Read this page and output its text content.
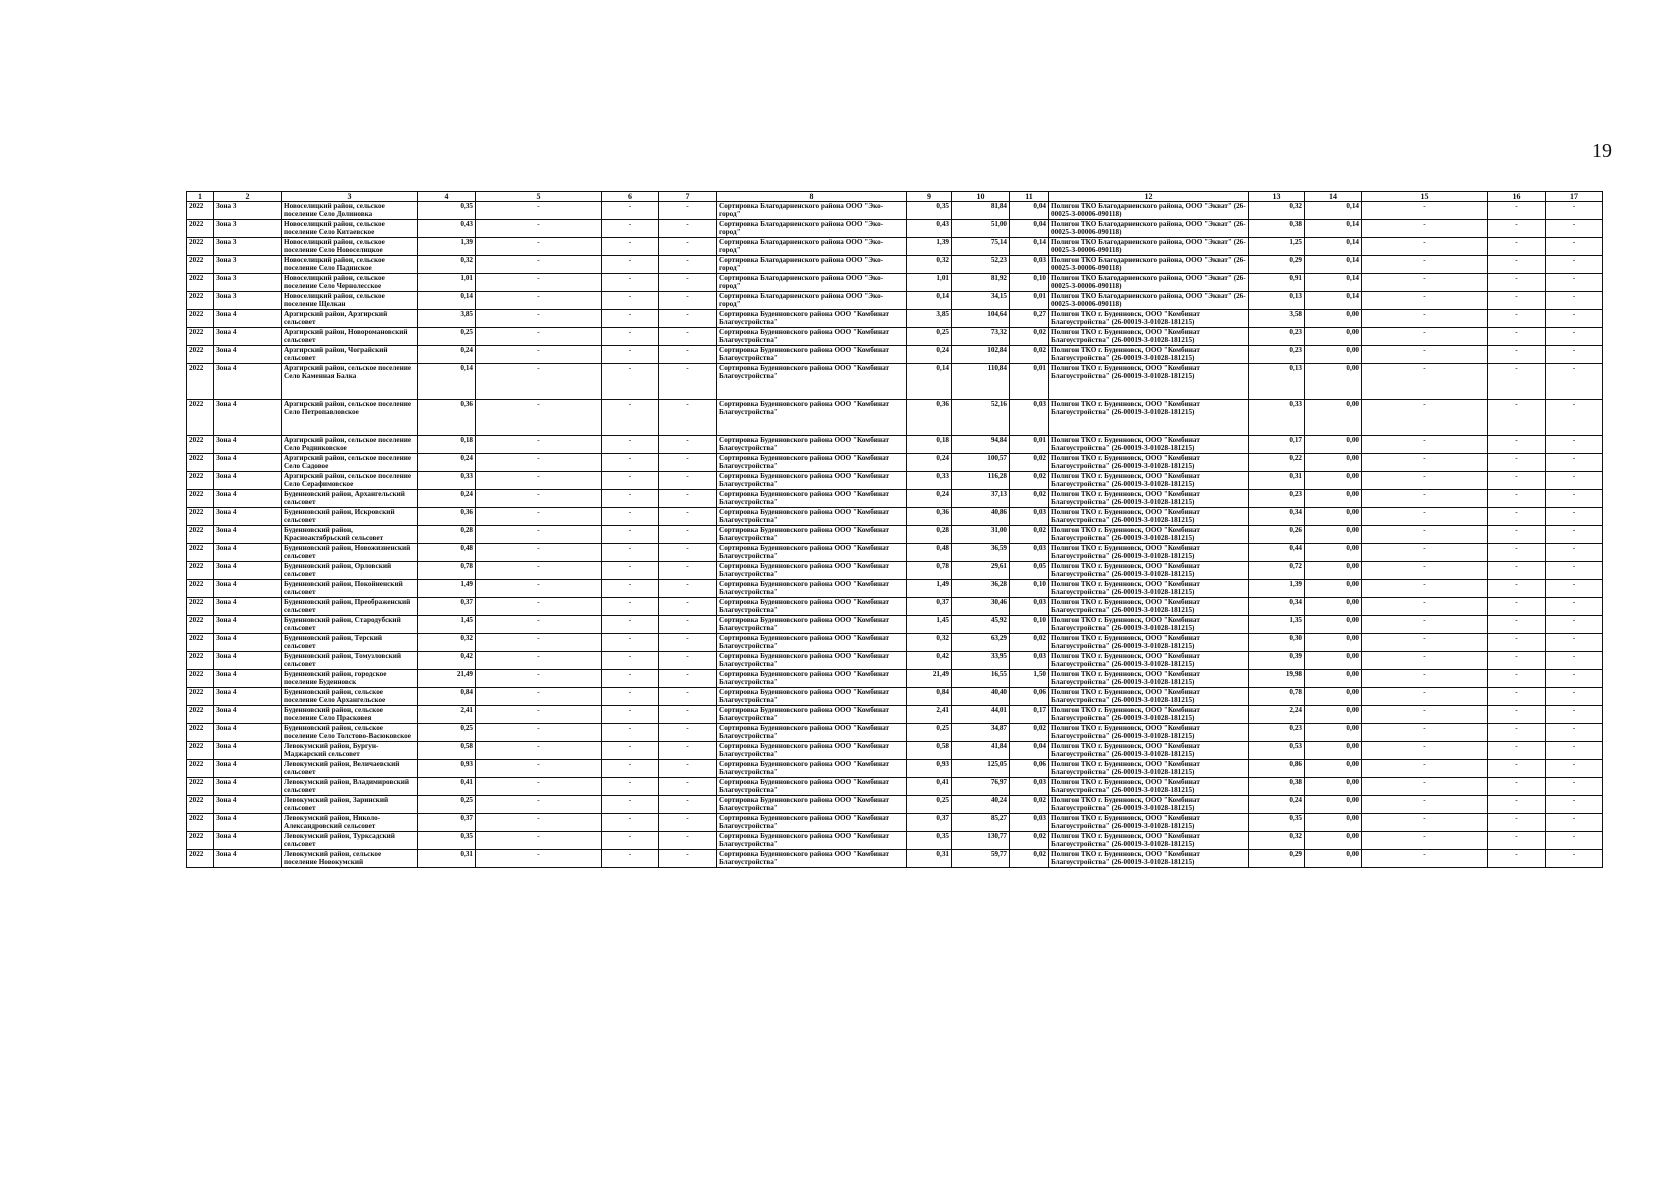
19
1	2	3	4	5	6	7	8	9	10	11	12	13	14	15	16	17
2022	Зона 3	Новоселицкий район, сельское поселение Село Долиновка	0,35	-	-	-	Сортировка Благодарненского района ООО "Эко-город"	0,35	81,84	0,04	Полигон ТКО Благодарненского района, ООО "Экват" (26-00025-З-00006-090118)	0,32	0,14	-	-	-
2022	Зона 3	Новоселицкий район, сельское поселение Село Китаевское	0,43	-	-	-	Сортировка Благодарненского района ООО "Эко-город"	0,43	51,00	0,04	Полигон ТКО Благодарненского района, ООО "Экват" (26-00025-З-00006-090118)	0,38	0,14	-	-	-
2022	Зона 3	Новоселицкий район, сельское поселение Село Новоселицкое	1,39	-	-	-	Сортировка Благодарненского района ООО "Эко-город"	1,39	75,14	0,14	Полигон ТКО Благодарненского района, ООО "Экват" (26-00025-З-00006-090118)	1,25	0,14	-	-	-
2022	Зона 3	Новоселицкий район, сельское поселение Село Падинское	0,32	-	-	-	Сортировка Благодарненского района ООО "Эко-город"	0,32	52,23	0,03	Полигон ТКО Благодарненского района, ООО "Экват" (26-00025-З-00006-090118)	0,29	0,14	-	-	-
2022	Зона 3	Новоселицкий район, сельское поселение Село Чернолесское	1,01	-	-	-	Сортировка Благодарненского района ООО "Эко-город"	1,01	81,92	0,10	Полигон ТКО Благодарненского района, ООО "Экват" (26-00025-З-00006-090118)	0,91	0,14	-	-	-
2022	Зона 3	Новоселицкий район, сельское поселение Щелкан	0,14	-	-	-	Сортировка Благодарненского района ООО "Эко-город"	0,14	34,15	0,01	Полигон ТКО Благодарненского района, ООО "Экват" (26-00025-З-00006-090118)	0,13	0,14	-	-	-
2022	Зона 4	Арзгирский район, Арзгирский сельсовет	3,85	-	-	-	Сортировка Буденновского района ООО "Комбинат Благоустройства"	3,85	104,64	0,27	Полигон ТКО г. Буденновск, ООО "Комбинат Благоустройства" (26-00019-З-01028-181215)	3,58	0,00	-	-	-
2022	Зона 4	Арзгирский район, Новоромановский сельсовет	0,25	-	-	-	Сортировка Буденновского района ООО "Комбинат Благоустройства"	0,25	73,32	0,02	Полигон ТКО г. Буденновск, ООО "Комбинат Благоустройства" (26-00019-З-01028-181215)	0,23	0,00	-	-	-
2022	Зона 4	Арзгирский район, Чограйский сельсовет	0,24	-	-	-	Сортировка Буденновского района ООО "Комбинат Благоустройства"	0,24	102,84	0,02	Полигон ТКО г. Буденновск, ООО "Комбинат Благоустройства" (26-00019-З-01028-181215)	0,23	0,00	-	-	-
2022	Зона 4	Арзгирский район, сельское поселение Село Каменная Балка	0,14	-	-	-	Сортировка Буденновского района ООО "Комбинат Благоустройства"	0,14	110,84	0,01	Полигон ТКО г. Буденновск, ООО "Комбинат Благоустройства" (26-00019-З-01028-181215)	0,13	0,00	-	-	-
2022	Зона 4	Арзгирский район, сельское поселение Село Петропавловское	0,36	-	-	-	Сортировка Буденновского района ООО "Комбинат Благоустройства"	0,36	52,16	0,03	Полигон ТКО г. Буденновск, ООО "Комбинат Благоустройства" (26-00019-З-01028-181215)	0,33	0,00	-	-	-
2022	Зона 4	Арзгирский район, сельское поселение Село Родниковское	0,18	-	-	-	Сортировка Буденновского района ООО "Комбинат Благоустройства"	0,18	94,84	0,01	Полигон ТКО г. Буденновск, ООО "Комбинат Благоустройства" (26-00019-З-01028-181215)	0,17	0,00	-	-	-
2022	Зона 4	Арзгирский район, сельское поселение Село Садовое	0,24	-	-	-	Сортировка Буденновского района ООО "Комбинат Благоустройства"	0,24	100,57	0,02	Полигон ТКО г. Буденновск, ООО "Комбинат Благоустройства" (26-00019-З-01028-181215)	0,22	0,00	-	-	-
2022	Зона 4	Арзгирский район, сельское поселение Село Серафимовское	0,33	-	-	-	Сортировка Буденновского района ООО "Комбинат Благоустройства"	0,33	116,28	0,02	Полигон ТКО г. Буденновск, ООО "Комбинат Благоустройства" (26-00019-З-01028-181215)	0,31	0,00	-	-	-
2022	Зона 4	Буденновский район, Архангельский сельсовет	0,24	-	-	-	Сортировка Буденновского района ООО "Комбинат Благоустройства"	0,24	37,13	0,02	Полигон ТКО г. Буденновск, ООО "Комбинат Благоустройства" (26-00019-З-01028-181215)	0,23	0,00	-	-	-
2022	Зона 4	Буденновский район, Искровский сельсовет	0,36	-	-	-	Сортировка Буденновского района ООО "Комбинат Благоустройства"	0,36	40,86	0,03	Полигон ТКО г. Буденновск, ООО "Комбинат Благоустройства" (26-00019-З-01028-181215)	0,34	0,00	-	-	-
2022	Зона 4	Буденновский район, Красноактябрьский сельсовет	0,28	-	-	-	Сортировка Буденновского района ООО "Комбинат Благоустройства"	0,28	31,00	0,02	Полигон ТКО г. Буденновск, ООО "Комбинат Благоустройства" (26-00019-З-01028-181215)	0,26	0,00	-	-	-
2022	Зона 4	Буденновский район, Новожизненский сельсовет	0,48	-	-	-	Сортировка Буденновского района ООО "Комбинат Благоустройства"	0,48	36,59	0,03	Полигон ТКО г. Буденновск, ООО "Комбинат Благоустройства" (26-00019-З-01028-181215)	0,44	0,00	-	-	-
2022	Зона 4	Буденновский район, Орловский сельсовет	0,78	-	-	-	Сортировка Буденновского района ООО "Комбинат Благоустройства"	0,78	29,61	0,05	Полигон ТКО г. Буденновск, ООО "Комбинат Благоустройства" (26-00019-З-01028-181215)	0,72	0,00	-	-	-
2022	Зона 4	Буденновский район, Покойненский сельсовет	1,49	-	-	-	Сортировка Буденновского района ООО "Комбинат Благоустройства"	1,49	36,28	0,10	Полигон ТКО г. Буденновск, ООО "Комбинат Благоустройства" (26-00019-З-01028-181215)	1,39	0,00	-	-	-
2022	Зона 4	Буденновский район, Преображенский сельсовет	0,37	-	-	-	Сортировка Буденновского района ООО "Комбинат Благоустройства"	0,37	30,46	0,03	Полигон ТКО г. Буденновск, ООО "Комбинат Благоустройства" (26-00019-З-01028-181215)	0,34	0,00	-	-	-
2022	Зона 4	Буденновский район, Стародубский сельсовет	1,45	-	-	-	Сортировка Буденновского района ООО "Комбинат Благоустройства"	1,45	45,92	0,10	Полигон ТКО г. Буденновск, ООО "Комбинат Благоустройства" (26-00019-З-01028-181215)	1,35	0,00	-	-	-
2022	Зона 4	Буденновский район, Терский сельсовет	0,32	-	-	-	Сортировка Буденновского района ООО "Комбинат Благоустройства"	0,32	63,29	0,02	Полигон ТКО г. Буденновск, ООО "Комбинат Благоустройства" (26-00019-З-01028-181215)	0,30	0,00	-	-	-
2022	Зона 4	Буденновский район, Томузловский сельсовет	0,42	-	-	-	Сортировка Буденновского района ООО "Комбинат Благоустройства"	0,42	33,95	0,03	Полигон ТКО г. Буденновск, ООО "Комбинат Благоустройства" (26-00019-З-01028-181215)	0,39	0,00	-	-	-
2022	Зона 4	Буденновский район, городское поселение Буденновск	21,49	-	-	-	Сортировка Буденновского района ООО "Комбинат Благоустройства"	21,49	16,55	1,50	Полигон ТКО г. Буденновск, ООО "Комбинат Благоустройства" (26-00019-З-01028-181215)	19,98	0,00	-	-	-
2022	Зона 4	Буденновский район, сельское поселение Село Архангельское	0,84	-	-	-	Сортировка Буденновского района ООО "Комбинат Благоустройства"	0,84	40,40	0,06	Полигон ТКО г. Буденновск, ООО "Комбинат Благоустройства" (26-00019-З-01028-181215)	0,78	0,00	-	-	-
2022	Зона 4	Буденновский район, сельское поселение Село Прасковея	2,41	-	-	-	Сортировка Буденновского района ООО "Комбинат Благоустройства"	2,41	44,01	0,17	Полигон ТКО г. Буденновск, ООО "Комбинат Благоустройства" (26-00019-З-01028-181215)	2,24	0,00	-	-	-
2022	Зона 4	Буденновский район, сельское поселение Село Толстово-Васюковское	0,25	-	-	-	Сортировка Буденновского района ООО "Комбинат Благоустройства"	0,25	34,87	0,02	Полигон ТКО г. Буденновск, ООО "Комбинат Благоустройства" (26-00019-З-01028-181215)	0,23	0,00	-	-	-
2022	Зона 4	Левокумский район, Бургун-Маджарский сельсовет	0,58	-	-	-	Сортировка Буденновского района ООО "Комбинат Благоустройства"	0,58	41,84	0,04	Полигон ТКО г. Буденновск, ООО "Комбинат Благоустройства" (26-00019-З-01028-181215)	0,53	0,00	-	-	-
2022	Зона 4	Левокумский район, Величаевский сельсовет	0,93	-	-	-	Сортировка Буденновского района ООО "Комбинат Благоустройства"	0,93	125,05	0,06	Полигон ТКО г. Буденновск, ООО "Комбинат Благоустройства" (26-00019-З-01028-181215)	0,86	0,00	-	-	-
2022	Зона 4	Левокумский район, Владимировский сельсовет	0,41	-	-	-	Сортировка Буденновского района ООО "Комбинат Благоустройства"	0,41	76,97	0,03	Полигон ТКО г. Буденновск, ООО "Комбинат Благоустройства" (26-00019-З-01028-181215)	0,38	0,00	-	-	-
2022	Зона 4	Левокумский район, Заринский сельсовет	0,25	-	-	-	Сортировка Буденновского района ООО "Комбинат Благоустройства"	0,25	40,24	0,02	Полигон ТКО г. Буденновск, ООО "Комбинат Благоустройства" (26-00019-З-01028-181215)	0,24	0,00	-	-	-
2022	Зона 4	Левокумский район, Николо-Александровский сельсовет	0,37	-	-	-	Сортировка Буденновского района ООО "Комбинат Благоустройства"	0,37	85,27	0,03	Полигон ТКО г. Буденновск, ООО "Комбинат Благоустройства" (26-00019-З-01028-181215)	0,35	0,00	-	-	-
2022	Зона 4	Левокумский район, Турксадский сельсовет	0,35	-	-	-	Сортировка Буденновского района ООО "Комбинат Благоустройства"	0,35	130,77	0,02	Полигон ТКО г. Буденновск, ООО "Комбинат Благоустройства" (26-00019-З-01028-181215)	0,32	0,00	-	-	-
2022	Зона 4	Левокумский район, сельское поселение Новокумский	0,31	-	-	-	Сортировка Буденновского района ООО "Комбинат Благоустройства"	0,31	59,77	0,02	Полигон ТКО г. Буденновск, ООО "Комбинат Благоустройства" (26-00019-З-01028-181215)	0,29	0,00	-	-	-
